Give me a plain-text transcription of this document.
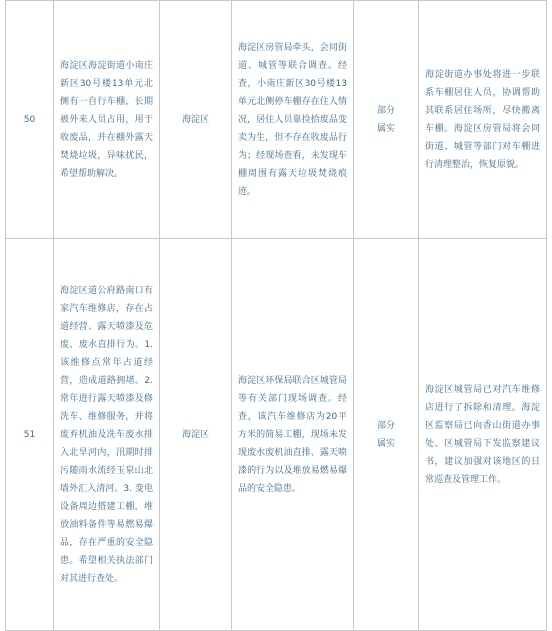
50	海淀区海淀街道小南庄新区30号楼13单元北侧有一自行车棚，长期被外来人员占用，用于收废品，并在棚外露天焚烧垃圾，异味扰民，希望帮助解决。	海淀区	海淀区房管局牵头，会同街道、城管等联合调查。经查，小南庄新区30号楼13单元北侧停车棚存在住人情况，居住人员靠捡拾废品变卖为生，但不存在收废品行为；经现场查看，未发现车棚周围有露天垃圾焚烧痕迹。	部分属实	海淀街道办事处将进一步联系车棚居住人员，协调帮助其联系居住场所，尽快搬离车棚。海淀区房管局将会同街道、城管等部门对车棚进行清理整治，恢复原貌。

51	海淀区道公府路南口有家汽车维修店，存在占道经营、露天喷漆及危废、废水直排行为。1. 该维修点常年占道经营，造成道路拥堵。2. 常年进行露天喷漆及修洗车、维修服务，并将废弃机油及洗车废水排入北旱河内，汛期时排污随雨水流经玉泉山北墙外汇入清河。3. 变电设备周边搭建工棚，堆放油料备件等易燃易爆品，存在严重的安全隐患。希望相关执法部门对其进行查处。	海淀区	海淀区环保局联合区城管局等有关部门现场调查。经查，该汽车维修店为20平方米的简易工棚，现场未发现废水废机油直排、露天喷漆的行为以及堆放易燃易爆品的安全隐患。	部分属实	海淀区城管局已对汽车维修店进行了拆除和清理。海淀区监察局已向香山街道办事处、区城管局下发监察建议书，建议加强对该地区的日常巡查及管理工作。
